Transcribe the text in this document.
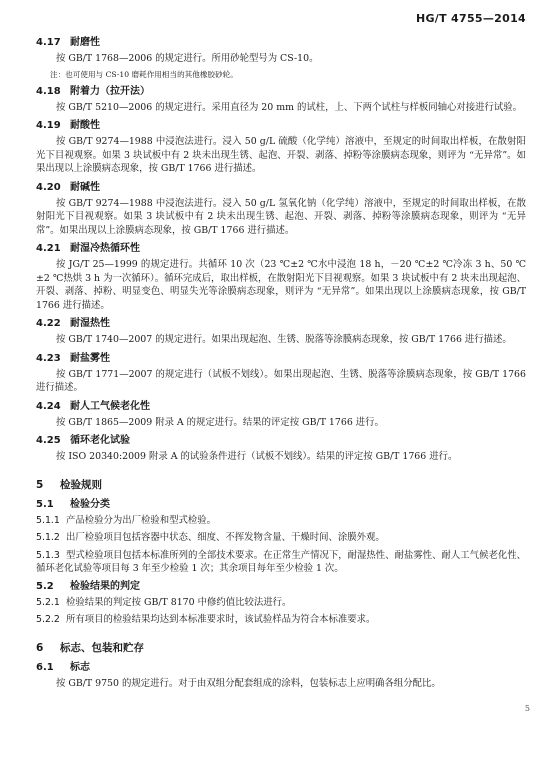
HG/T 4755—2014
4.17 耐磨性

按 GB/T 1768—2006 的规定进行。所用砂轮型号为 CS-10。

注：也可使用与 CS-10 磨耗作用相当的其他橡胶砂轮。

4.18 附着力（拉开法）

按 GB/T 5210—2006 的规定进行。采用直径为 20 mm 的试柱，上、下两个试柱与样板同轴心对接进行试验。

4.19 耐酸性

按 GB/T 9274—1988 中浸泡法进行。浸入 50 g/L 硫酸（化学纯）溶液中，至规定的时间取出样板，在散射阳光下目视观察。如果 3 块试板中有 2 块未出现生锈、起泡、开裂、剥落、掉粉等涂膜病态现象，则评为 “无异常”。如果出现以上涂膜病态现象，按 GB/T 1766 进行描述。

4.20 耐碱性

按 GB/T 9274—1988 中浸泡法进行。浸入 50 g/L 氢氧化钠（化学纯）溶液中，至规定的时间取出样板，在散射阳光下目视观察。如果 3 块试板中有 2 块未出现生锈、起泡、开裂、剥落、掉粉等涂膜病态现象，则评为 “无异常”。如果出现以上涂膜病态现象，按 GB/T 1766 进行描述。

4.21 耐湿冷热循环性

按 JG/T 25—1999 的规定进行。共循环 10 次（23 ℃±2 ℃水中浸泡 18 h，－20 ℃±2 ℃冷冻 3 h、50 ℃±2 ℃热烘 3 h 为一次循环）。循环完成后，取出样板，在散射阳光下目视观察。如果 3 块试板中有 2 块未出现起泡、开裂、剥落、掉粉、明显变色、明显失光等涂膜病态现象，则评为 “无异常”。如果出现以上涂膜病态现象，按 GB/T 1766 进行描述。

4.22 耐湿热性

按 GB/T 1740—2007 的规定进行。如果出现起泡、生锈、脱落等涂膜病态现象，按 GB/T 1766 进行描述。

4.23 耐盐雾性

按 GB/T 1771—2007 的规定进行（试板不划线）。如果出现起泡、生锈、脱落等涂膜病态现象，按 GB/T 1766 进行描述。

4.24 耐人工气候老化性

按 GB/T 1865—2009 附录 A 的规定进行。结果的评定按 GB/T 1766 进行。

4.25 循环老化试验

按 ISO 20340:2009 附录 A 的试验条件进行（试板不划线）。结果的评定按 GB/T 1766 进行。

5 检验规则
5.1 检验分类

5.1.1 产品检验分为出厂检验和型式检验。

5.1.2 出厂检验项目包括容器中状态、细度、不挥发物含量、干燥时间、涂膜外观。

5.1.3 型式检验项目包括本标准所列的全部技术要求。在正常生产情况下，耐湿热性、耐盐雾性、耐人工气候老化性、循环老化试验等项目每 3 年至少检验 1 次；其余项目每年至少检验 1 次。

5.2 检验结果的判定

5.2.1 检验结果的判定按 GB/T 8170 中修约值比较法进行。

5.2.2 所有项目的检验结果均达到本标准要求时，该试验样品为符合本标准要求。

6 标志、包装和贮存
6.1 标志

按 GB/T 9750 的规定进行。对于由双组分配套组成的涂料，包装标志上应明确各组分配比。

5
